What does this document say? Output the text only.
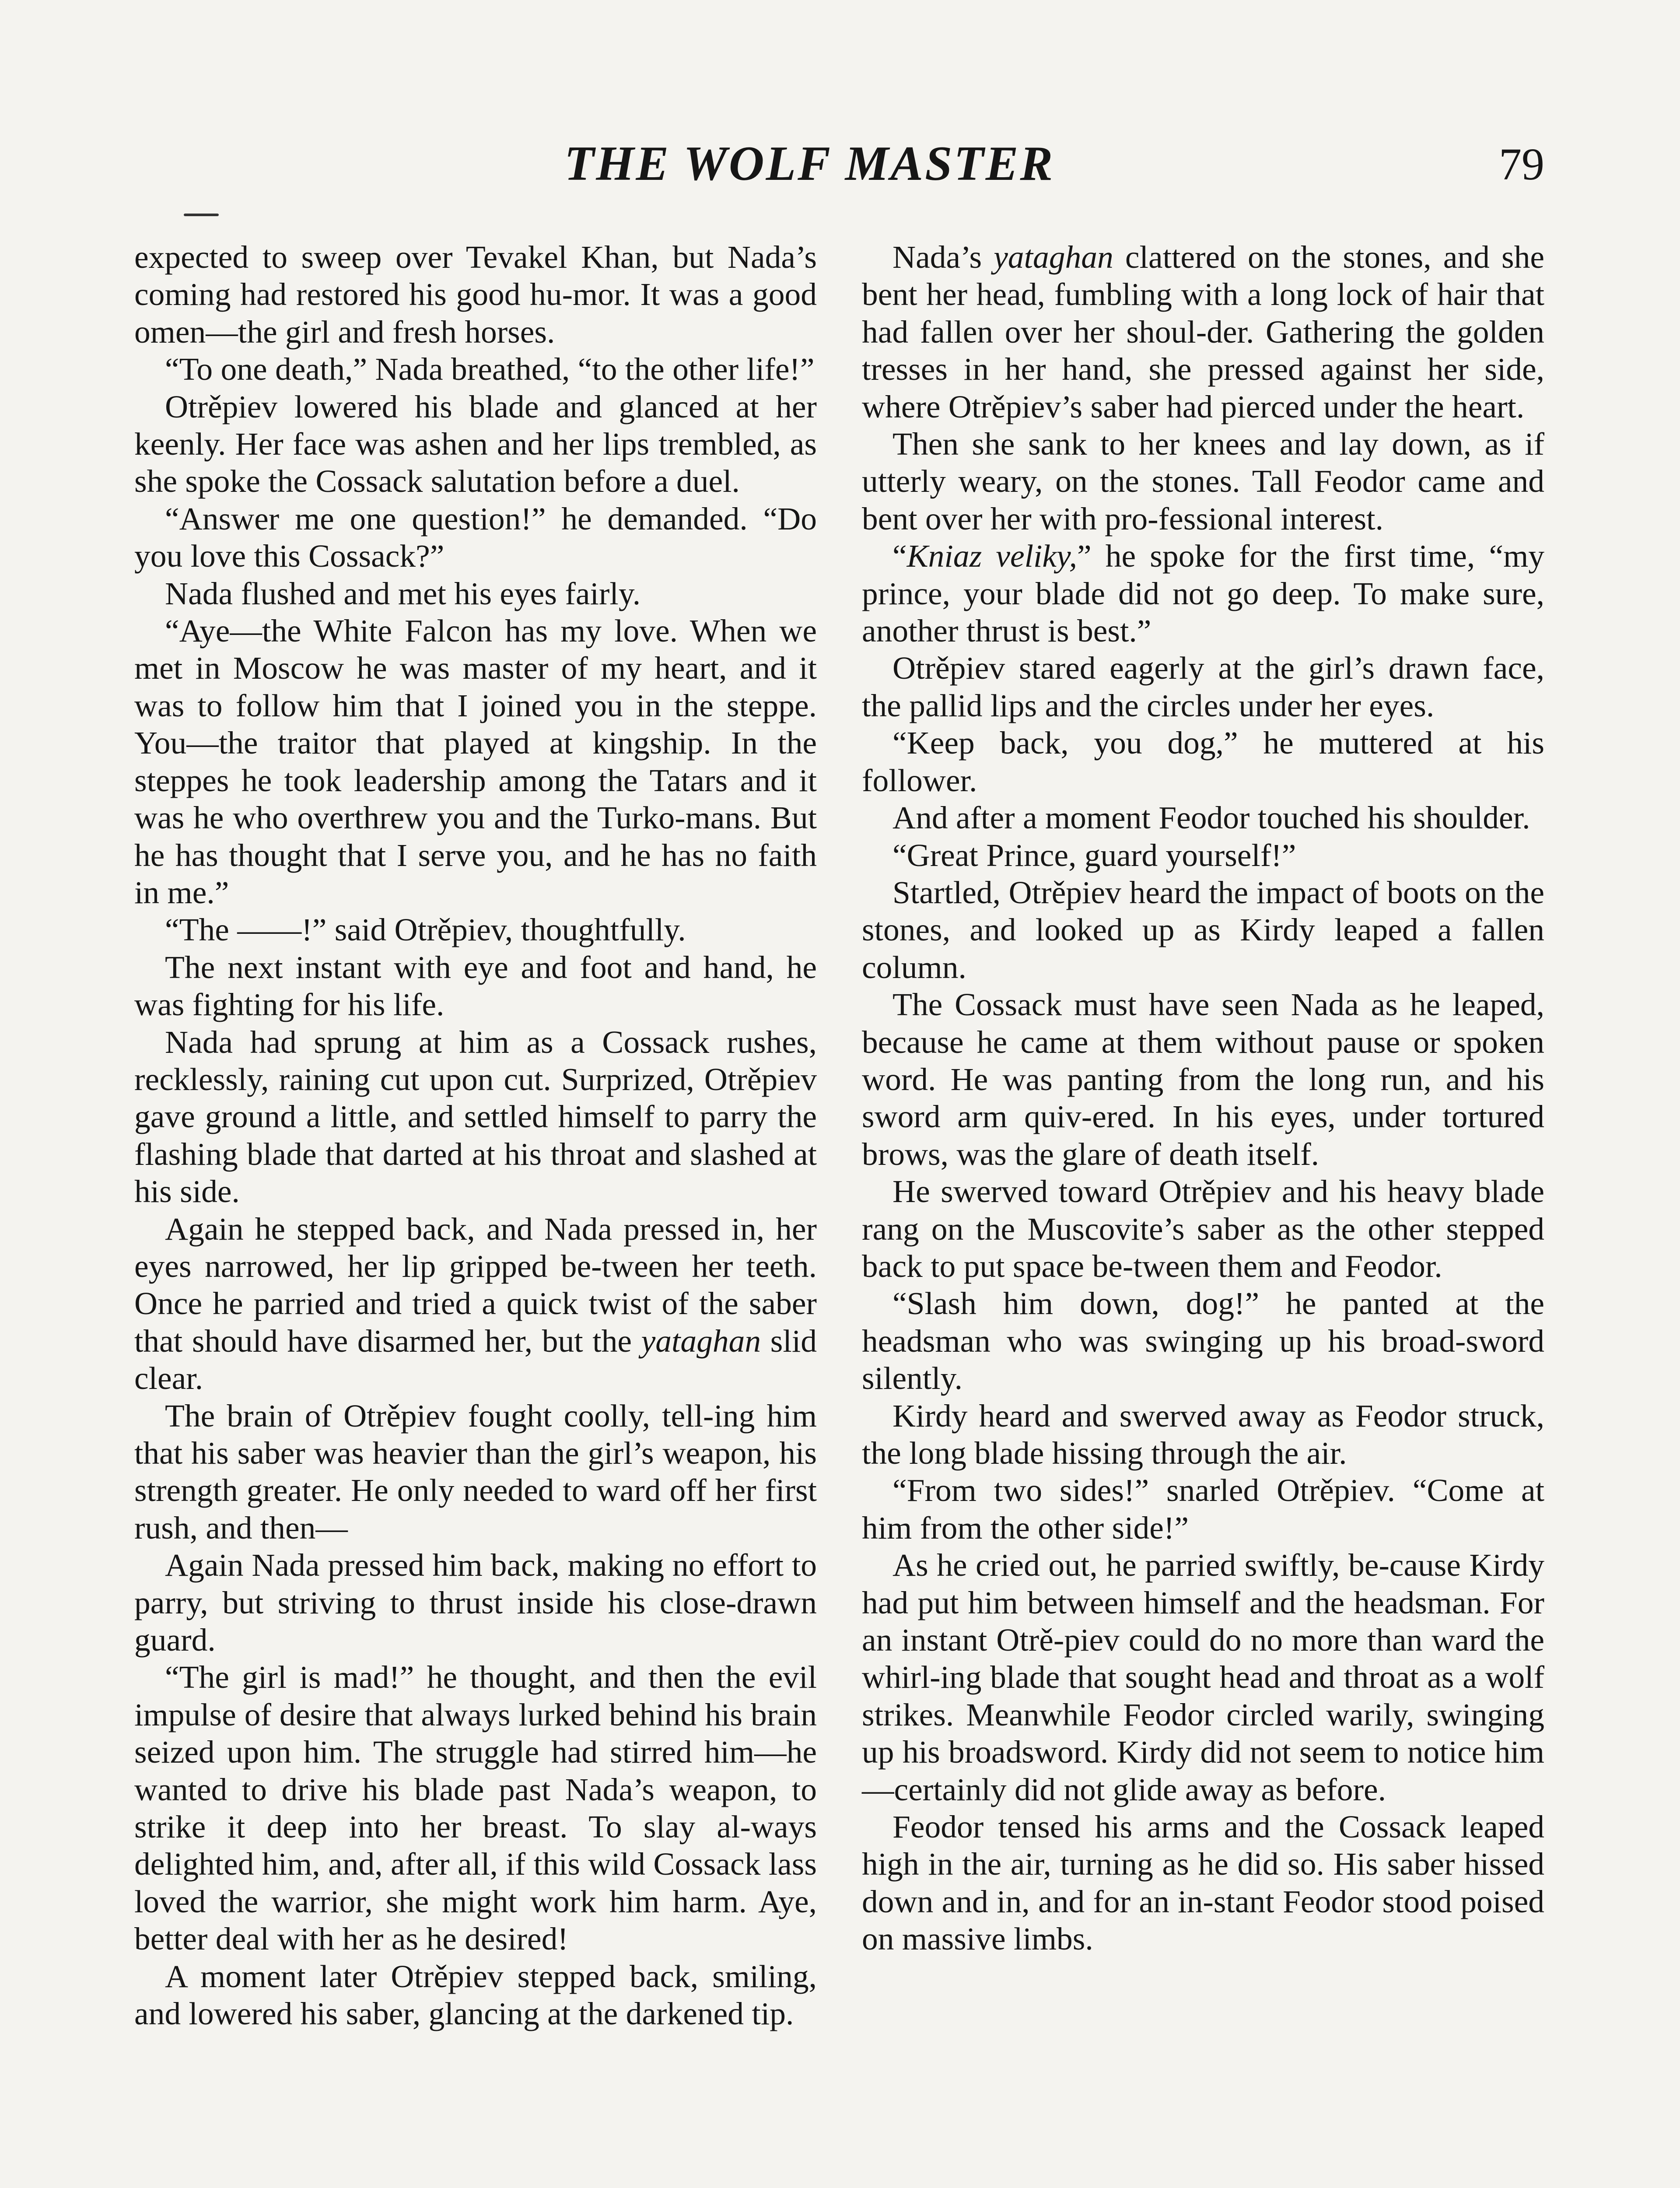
THE WOLF MASTER	79

expected to sweep over Tevakel Khan, but Nada’s coming had restored his good hu-mor. It was a good omen—the girl and fresh horses.

“To one death,” Nada breathed, “to the other life!”

Otrěpiev lowered his blade and glanced at her keenly. Her face was ashen and her lips trembled, as she spoke the Cossack salutation before a duel.

“Answer me one question!” he demanded. “Do you love this Cossack?”

Nada flushed and met his eyes fairly.

“Aye—the White Falcon has my love. When we met in Moscow he was master of my heart, and it was to follow him that I joined you in the steppe. You—the traitor that played at kingship. In the steppes he took leadership among the Tatars and it was he who overthrew you and the Turko-mans. But he has thought that I serve you, and he has no faith in me.”

“The ——!” said Otrěpiev, thoughtfully.

The next instant with eye and foot and hand, he was fighting for his life.

Nada had sprung at him as a Cossack rushes, recklessly, raining cut upon cut. Surprized, Otrěpiev gave ground a little, and settled himself to parry the flashing blade that darted at his throat and slashed at his side.

Again he stepped back, and Nada pressed in, her eyes narrowed, her lip gripped be-tween her teeth. Once he parried and tried a quick twist of the saber that should have disarmed her, but the yataghan slid clear.

The brain of Otrěpiev fought coolly, tell-ing him that his saber was heavier than the girl’s weapon, his strength greater. He only needed to ward off her first rush, and then—

Again Nada pressed him back, making no effort to parry, but striving to thrust inside his close-drawn guard.

“The girl is mad!” he thought, and then the evil impulse of desire that always lurked behind his brain seized upon him. The struggle had stirred him—he wanted to drive his blade past Nada’s weapon, to strike it deep into her breast. To slay al-ways delighted him, and, after all, if this wild Cossack lass loved the warrior, she might work him harm. Aye, better deal with her as he desired!

A moment later Otrěpiev stepped back, smiling, and lowered his saber, glancing at the darkened tip.

Nada’s yataghan clattered on the stones, and she bent her head, fumbling with a long lock of hair that had fallen over her shoul-der. Gathering the golden tresses in her hand, she pressed against her side, where Otrěpiev’s saber had pierced under the heart.

Then she sank to her knees and lay down, as if utterly weary, on the stones. Tall Feodor came and bent over her with pro-fessional interest.

“Kniaz veliky,” he spoke for the first time, “my prince, your blade did not go deep. To make sure, another thrust is best.”

Otrěpiev stared eagerly at the girl’s drawn face, the pallid lips and the circles under her eyes.

“Keep back, you dog,” he muttered at his follower.

And after a moment Feodor touched his shoulder.

“Great Prince, guard yourself!”

Startled, Otrěpiev heard the impact of boots on the stones, and looked up as Kirdy leaped a fallen column.

The Cossack must have seen Nada as he leaped, because he came at them without pause or spoken word. He was panting from the long run, and his sword arm quiv-ered. In his eyes, under tortured brows, was the glare of death itself.

He swerved toward Otrěpiev and his heavy blade rang on the Muscovite’s saber as the other stepped back to put space be-tween them and Feodor.

“Slash him down, dog!” he panted at the headsman who was swinging up his broad-sword silently.

Kirdy heard and swerved away as Feodor struck, the long blade hissing through the air.

“From two sides!” snarled Otrěpiev. “Come at him from the other side!”

As he cried out, he parried swiftly, be-cause Kirdy had put him between himself and the headsman. For an instant Otrě-piev could do no more than ward the whirl-ing blade that sought head and throat as a wolf strikes. Meanwhile Feodor circled warily, swinging up his broadsword. Kirdy did not seem to notice him—certainly did not glide away as before.

Feodor tensed his arms and the Cossack leaped high in the air, turning as he did so. His saber hissed down and in, and for an in-stant Feodor stood poised on massive limbs.
